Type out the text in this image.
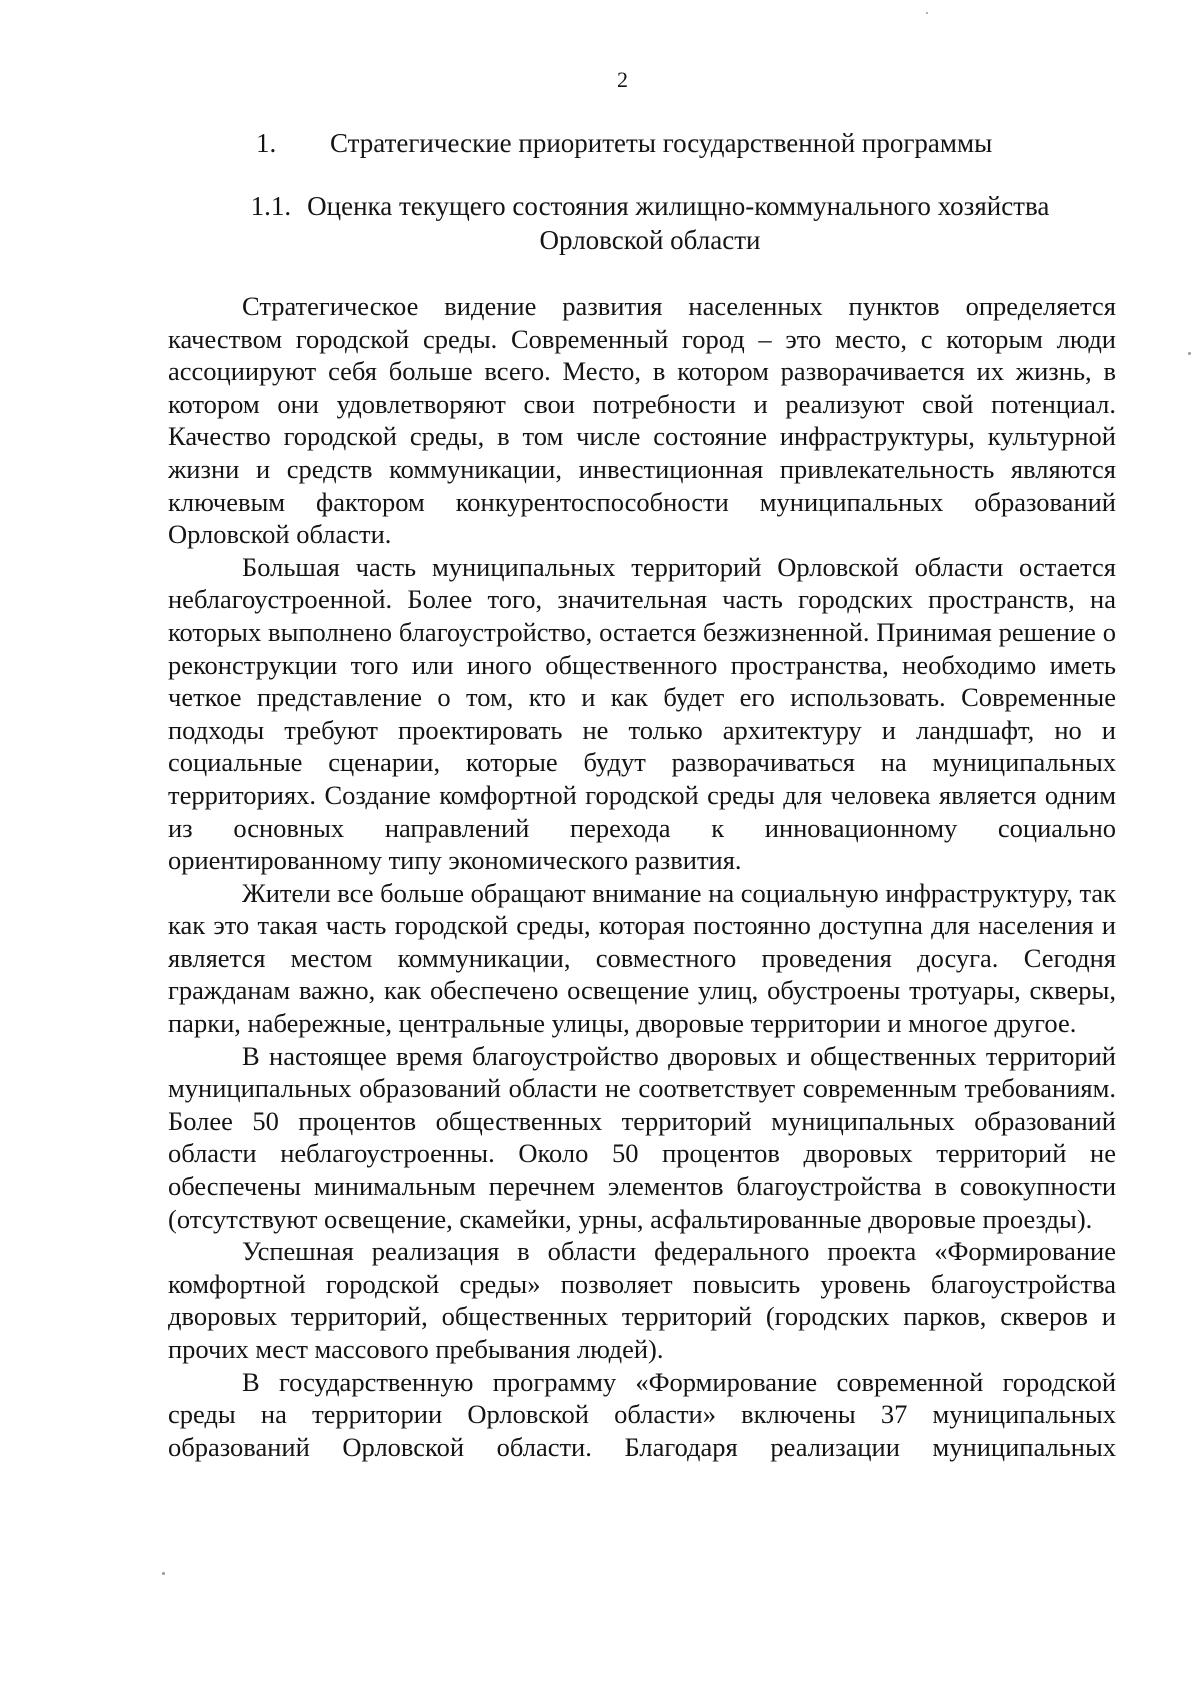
2
1. Стратегические приоритеты государственной программы
1.1. Оценка текущего состояния жилищно-коммунального хозяйства
Орловской области

Стратегическое видение развития населенных пунктов определяется качеством городской среды. Современный город – это место, с которым люди ассоциируют себя больше всего. Место, в котором разворачивается их жизнь, в котором они удовлетворяют свои потребности и реализуют свой потенциал. Качество городской среды, в том числе состояние инфраструктуры, культурной жизни и средств коммуникации, инвестиционная привлекательность являются ключевым фактором конкурентоспособности муниципальных образований Орловской области.

Большая часть муниципальных территорий Орловской области остается неблагоустроенной. Более того, значительная часть городских пространств, на которых выполнено благоустройство, остается безжизненной. Принимая решение о реконструкции того или иного общественного пространства, необходимо иметь четкое представление о том, кто и как будет его использовать. Современные подходы требуют проектировать не только архитектуру и ландшафт, но и социальные сценарии, которые будут разворачиваться на муниципальных территориях. Создание комфортной городской среды для человека является одним из основных направлений перехода к инновационному социально ориентированному типу экономического развития.

Жители все больше обращают внимание на социальную инфраструктуру, так как это такая часть городской среды, которая постоянно доступна для населения и является местом коммуникации, совместного проведения досуга. Сегодня гражданам важно, как обеспечено освещение улиц, обустроены тротуары, скверы, парки, набережные, центральные улицы, дворовые территории и многое другое.

В настоящее время благоустройство дворовых и общественных территорий муниципальных образований области не соответствует современным требованиям. Более 50 процентов общественных территорий муниципальных образований области неблагоустроенны. Около 50 процентов дворовых территорий не обеспечены минимальным перечнем элементов благоустройства в совокупности (отсутствуют освещение, скамейки, урны, асфальтированные дворовые проезды).

Успешная реализация в области федерального проекта «Формирование комфортной городской среды» позволяет повысить уровень благоустройства дворовых территорий, общественных территорий (городских парков, скверов и прочих мест массового пребывания людей).

В государственную программу «Формирование современной городской среды на территории Орловской области» включены 37 муниципальных образований Орловской области. Благодаря реализации муниципальных
